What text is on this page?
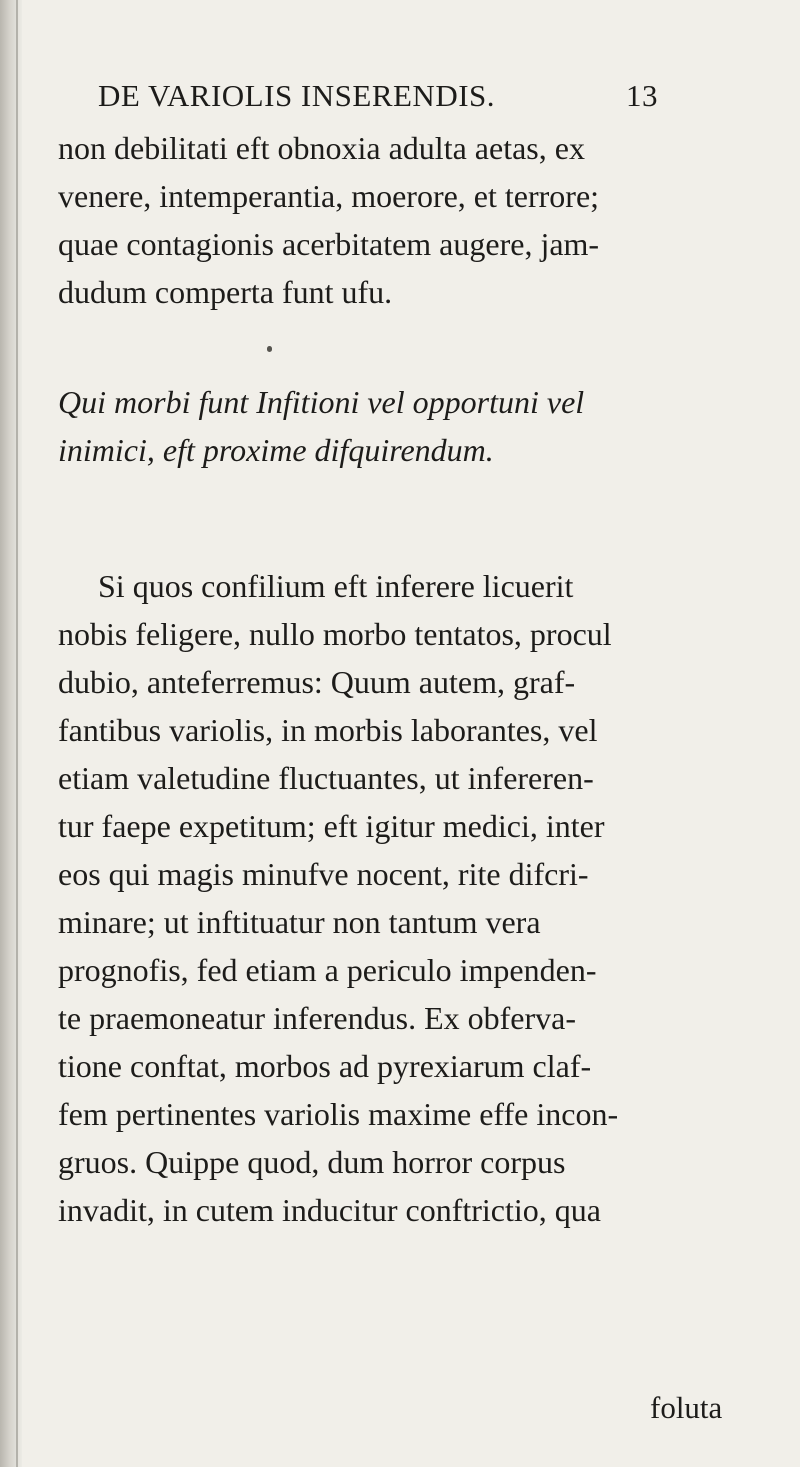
DE VARIOLIS INSERENDIS.	13
non debilitati eft obnoxia adulta aetas, ex
venere, intemperantia, moerore, et terrore;
quae contagionis acerbitatem augere, jam-
dudum comperta funt ufu.
Qui morbi funt Infitioni vel opportuni vel
inimici, eft proxime difquirendum.
Si quos confilium eft inferere licuerit
nobis feligere, nullo morbo tentatos, procul
dubio, anteferremus: Quum autem, graf-
fantibus variolis, in morbis laborantes, vel
etiam valetudine fluctuantes, ut infereren-
tur faepe expetitum; eft igitur medici, inter
eos qui magis minufve nocent, rite difcri-
minare; ut inftituatur non tantum vera
prognofis, fed etiam a periculo impenden-
te praemoneatur inferendus. Ex obferva-
tione conftat, morbos ad pyrexiarum claf-
fem pertinentes variolis maxime effe incon-
gruos. Quippe quod, dum horror corpus
invadit, in cutem inducitur conftrictio, qua
foluta
